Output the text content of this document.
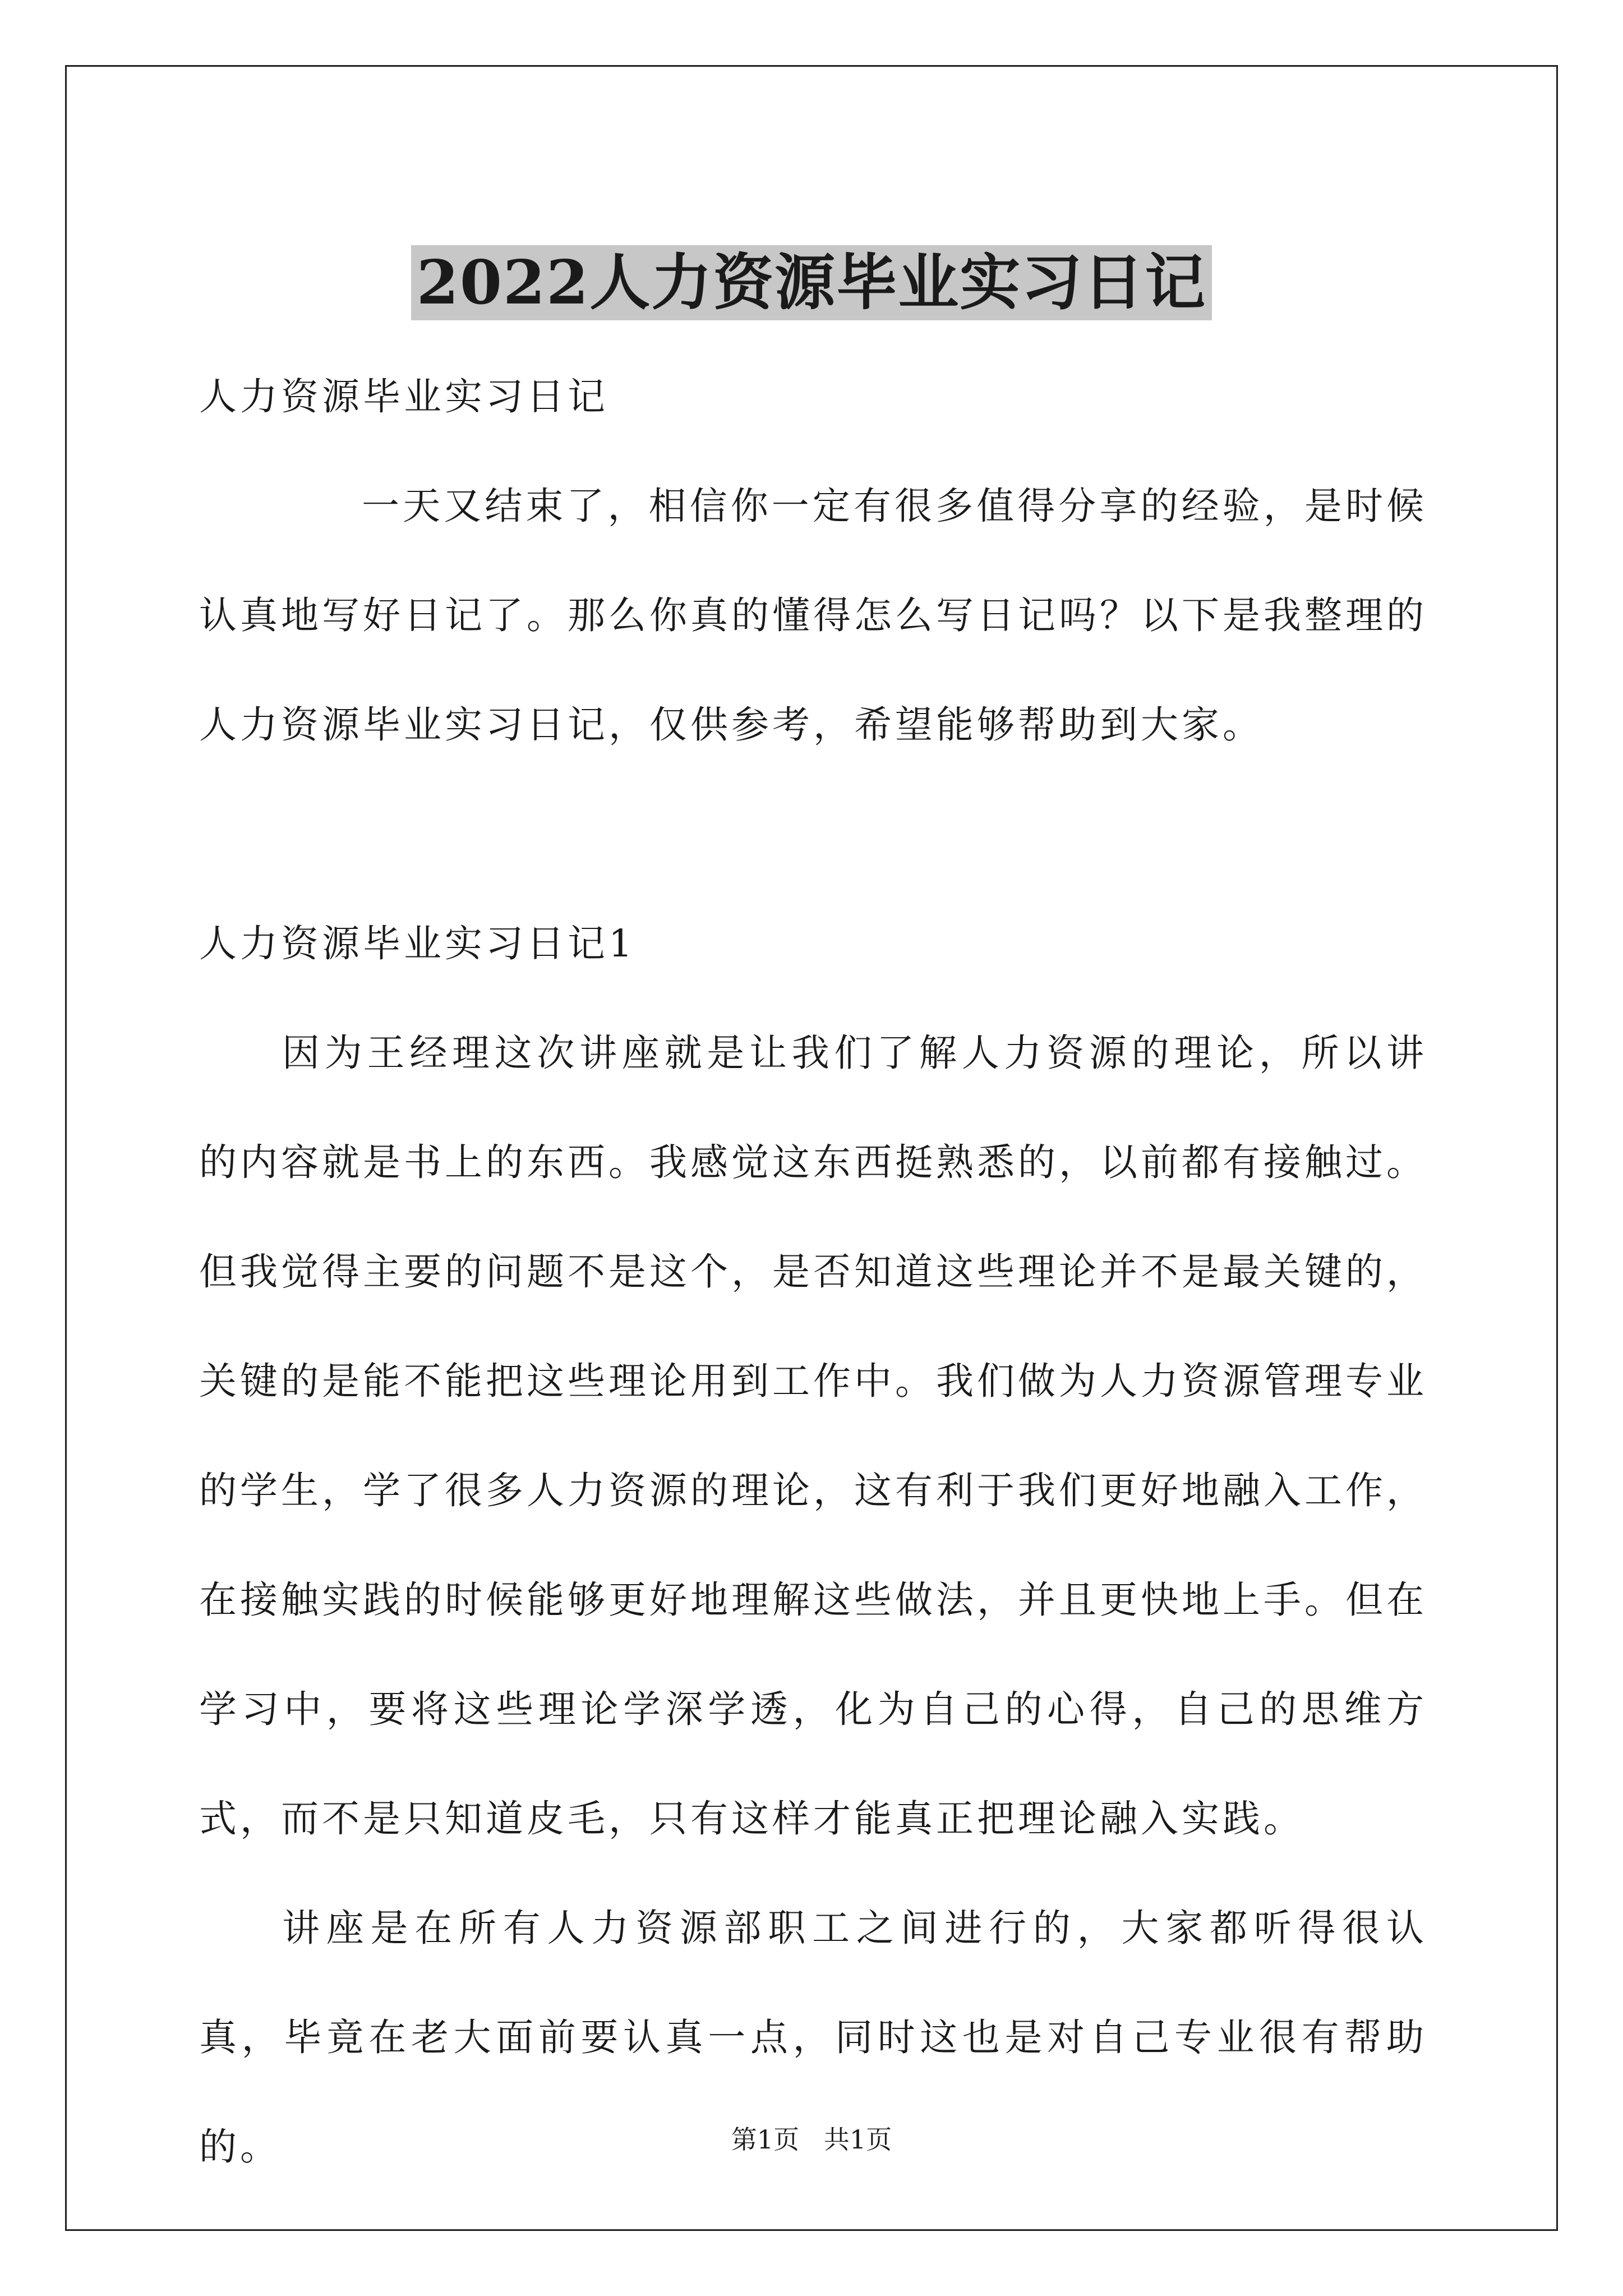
2022人力资源毕业实习日记

人力资源毕业实习日记

一天又结束了，相信你一定有很多值得分享的经验，是时候认真地写好日记了。那么你真的懂得怎么写日记吗？以下是我整理的人力资源毕业实习日记，仅供参考，希望能够帮助到大家。

人力资源毕业实习日记1

因为王经理这次讲座就是让我们了解人力资源的理论，所以讲的内容就是书上的东西。我感觉这东西挺熟悉的，以前都有接触过。但我觉得主要的问题不是这个，是否知道这些理论并不是最关键的，关键的是能不能把这些理论用到工作中。我们做为人力资源管理专业的学生，学了很多人力资源的理论，这有利于我们更好地融入工作，在接触实践的时候能够更好地理解这些做法，并且更快地上手。但在学习中，要将这些理论学深学透，化为自己的心得，自己的思维方式，而不是只知道皮毛，只有这样才能真正把理论融入实践。

讲座是在所有人力资源部职工之间进行的，大家都听得很认真，毕竟在老大面前要认真一点，同时这也是对自己专业很有帮助的。	第1页   共1页
